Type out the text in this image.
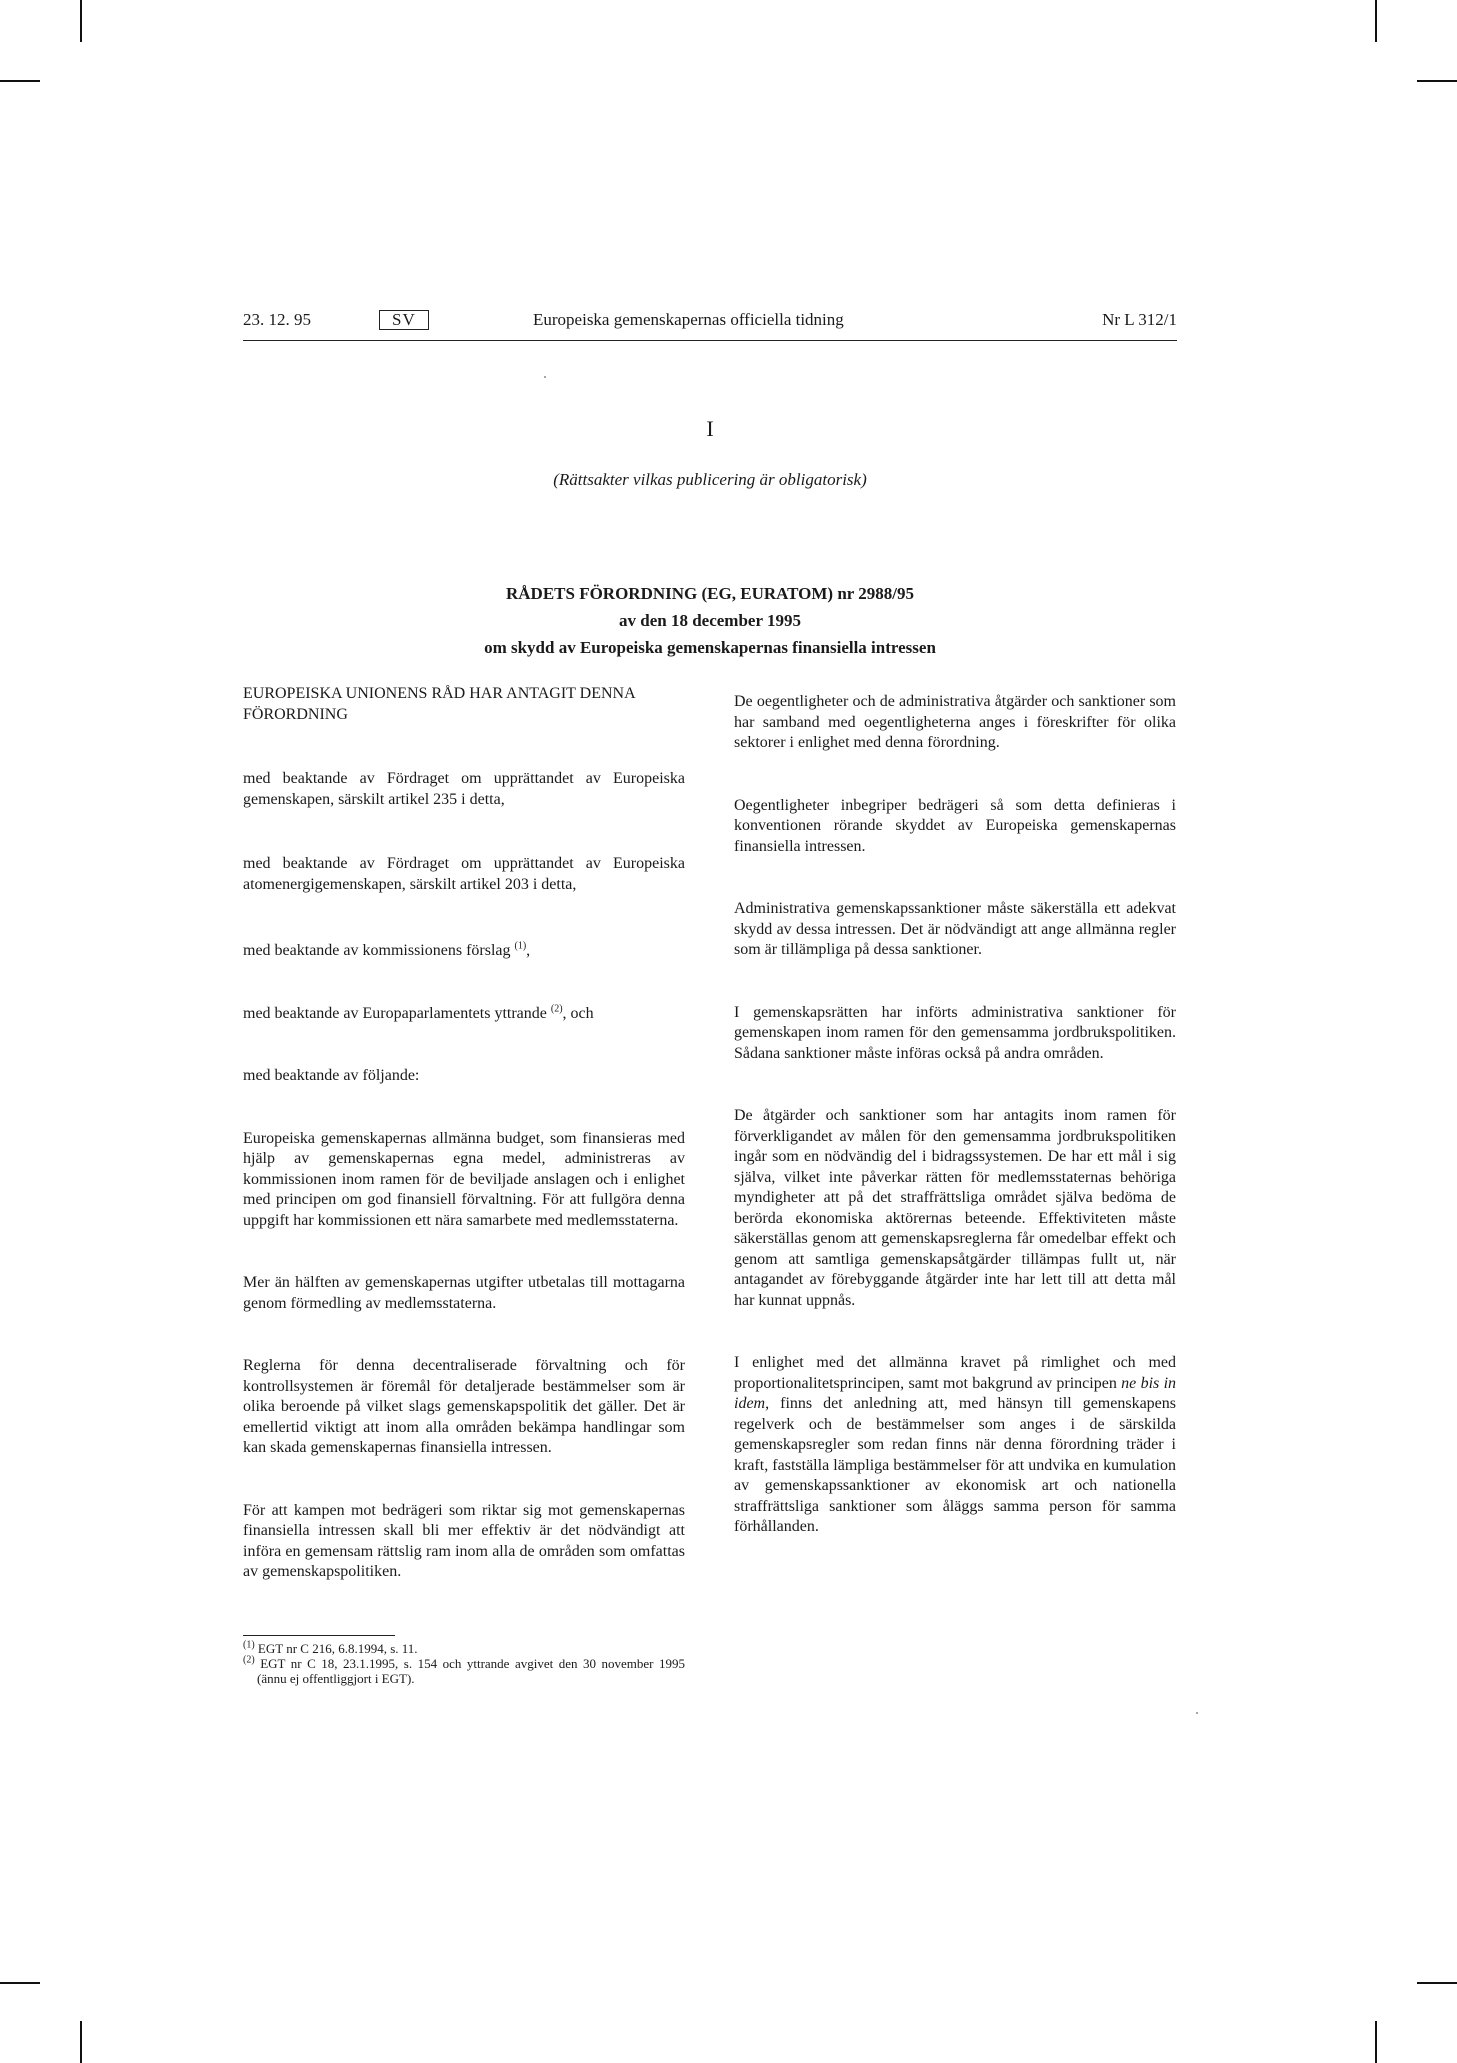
23. 12. 95	SV	Europeiska gemenskapernas officiella tidning	Nr L 312/1
I
(Rättsakter vilkas publicering är obligatorisk)
RÅDETS FÖRORDNING (EG, EURATOM) nr 2988/95
av den 18 december 1995
om skydd av Europeiska gemenskapernas finansiella intressen

EUROPEISKA UNIONENS RÅD HAR ANTAGIT DENNA FÖRORDNING

med beaktande av Fördraget om upprättandet av Europeiska gemenskapen, särskilt artikel 235 i detta,

med beaktande av Fördraget om upprättandet av Europeiska atomenergigemenskapen, särskilt artikel 203 i detta,

med beaktande av kommissionens förslag $^{(1)}$,

med beaktande av Europaparlamentets yttrande $^{(2)}$, och

med beaktande av följande:

Europeiska gemenskapernas allmänna budget, som finansieras med hjälp av gemenskapernas egna medel, administreras av kommissionen inom ramen för de beviljade anslagen och i enlighet med principen om god finansiell förvaltning. För att fullgöra denna uppgift har kommissionen ett nära samarbete med medlemsstaterna.

Mer än hälften av gemenskapernas utgifter utbetalas till mottagarna genom förmedling av medlemsstaterna.

Reglerna för denna decentraliserade förvaltning och för kontrollsystemen är föremål för detaljerade bestämmelser som är olika beroende på vilket slags gemenskapspolitik det gäller. Det är emellertid viktigt att inom alla områden bekämpa handlingar som kan skada gemenskapernas finansiella intressen.

För att kampen mot bedrägeri som riktar sig mot gemenskapernas finansiella intressen skall bli mer effektiv är det nödvändigt att införa en gemensam rättslig ram inom alla de områden som omfattas av gemenskapspolitiken.

De oegentligheter och de administrativa åtgärder och sanktioner som har samband med oegentligheterna anges i föreskrifter för olika sektorer i enlighet med denna förordning.

Oegentligheter inbegriper bedrägeri så som detta definieras i konventionen rörande skyddet av Europeiska gemenskapernas finansiella intressen.

Administrativa gemenskapssanktioner måste säkerställa ett adekvat skydd av dessa intressen. Det är nödvändigt att ange allmänna regler som är tillämpliga på dessa sanktioner.

I gemenskapsrätten har införts administrativa sanktioner för gemenskapen inom ramen för den gemensamma jordbrukspolitiken. Sådana sanktioner måste införas också på andra områden.

De åtgärder och sanktioner som har antagits inom ramen för förverkligandet av målen för den gemensamma jordbrukspolitiken ingår som en nödvändig del i bidragssystemen. De har ett mål i sig själva, vilket inte påverkar rätten för medlemsstaternas behöriga myndigheter att på det straffrättsliga området själva bedöma de berörda ekonomiska aktörernas beteende. Effektiviteten måste säkerställas genom att gemenskapsreglerna får omedelbar effekt och genom att samtliga gemenskapsåtgärder tillämpas fullt ut, när antagandet av förebyggande åtgärder inte har lett till att detta mål har kunnat uppnås.

I enlighet med det allmänna kravet på rimlighet och med proportionalitetsprincipen, samt mot bakgrund av principen ne bis in idem, finns det anledning att, med hänsyn till gemenskapens regelverk och de bestämmelser som anges i de särskilda gemenskapsregler som redan finns när denna förordning träder i kraft, fastställa lämpliga bestämmelser för att undvika en kumulation av gemenskapssanktioner av ekonomisk art och nationella straffrättsliga sanktioner som åläggs samma person för samma förhållanden.

$^{(1)}$ EGT nr C 216, 6.8.1994, s. 11.
$^{(2)}$ EGT nr C 18, 23.1.1995, s. 154 och yttrande avgivet den 30 november 1995 (ännu ej offentliggjort i EGT).
